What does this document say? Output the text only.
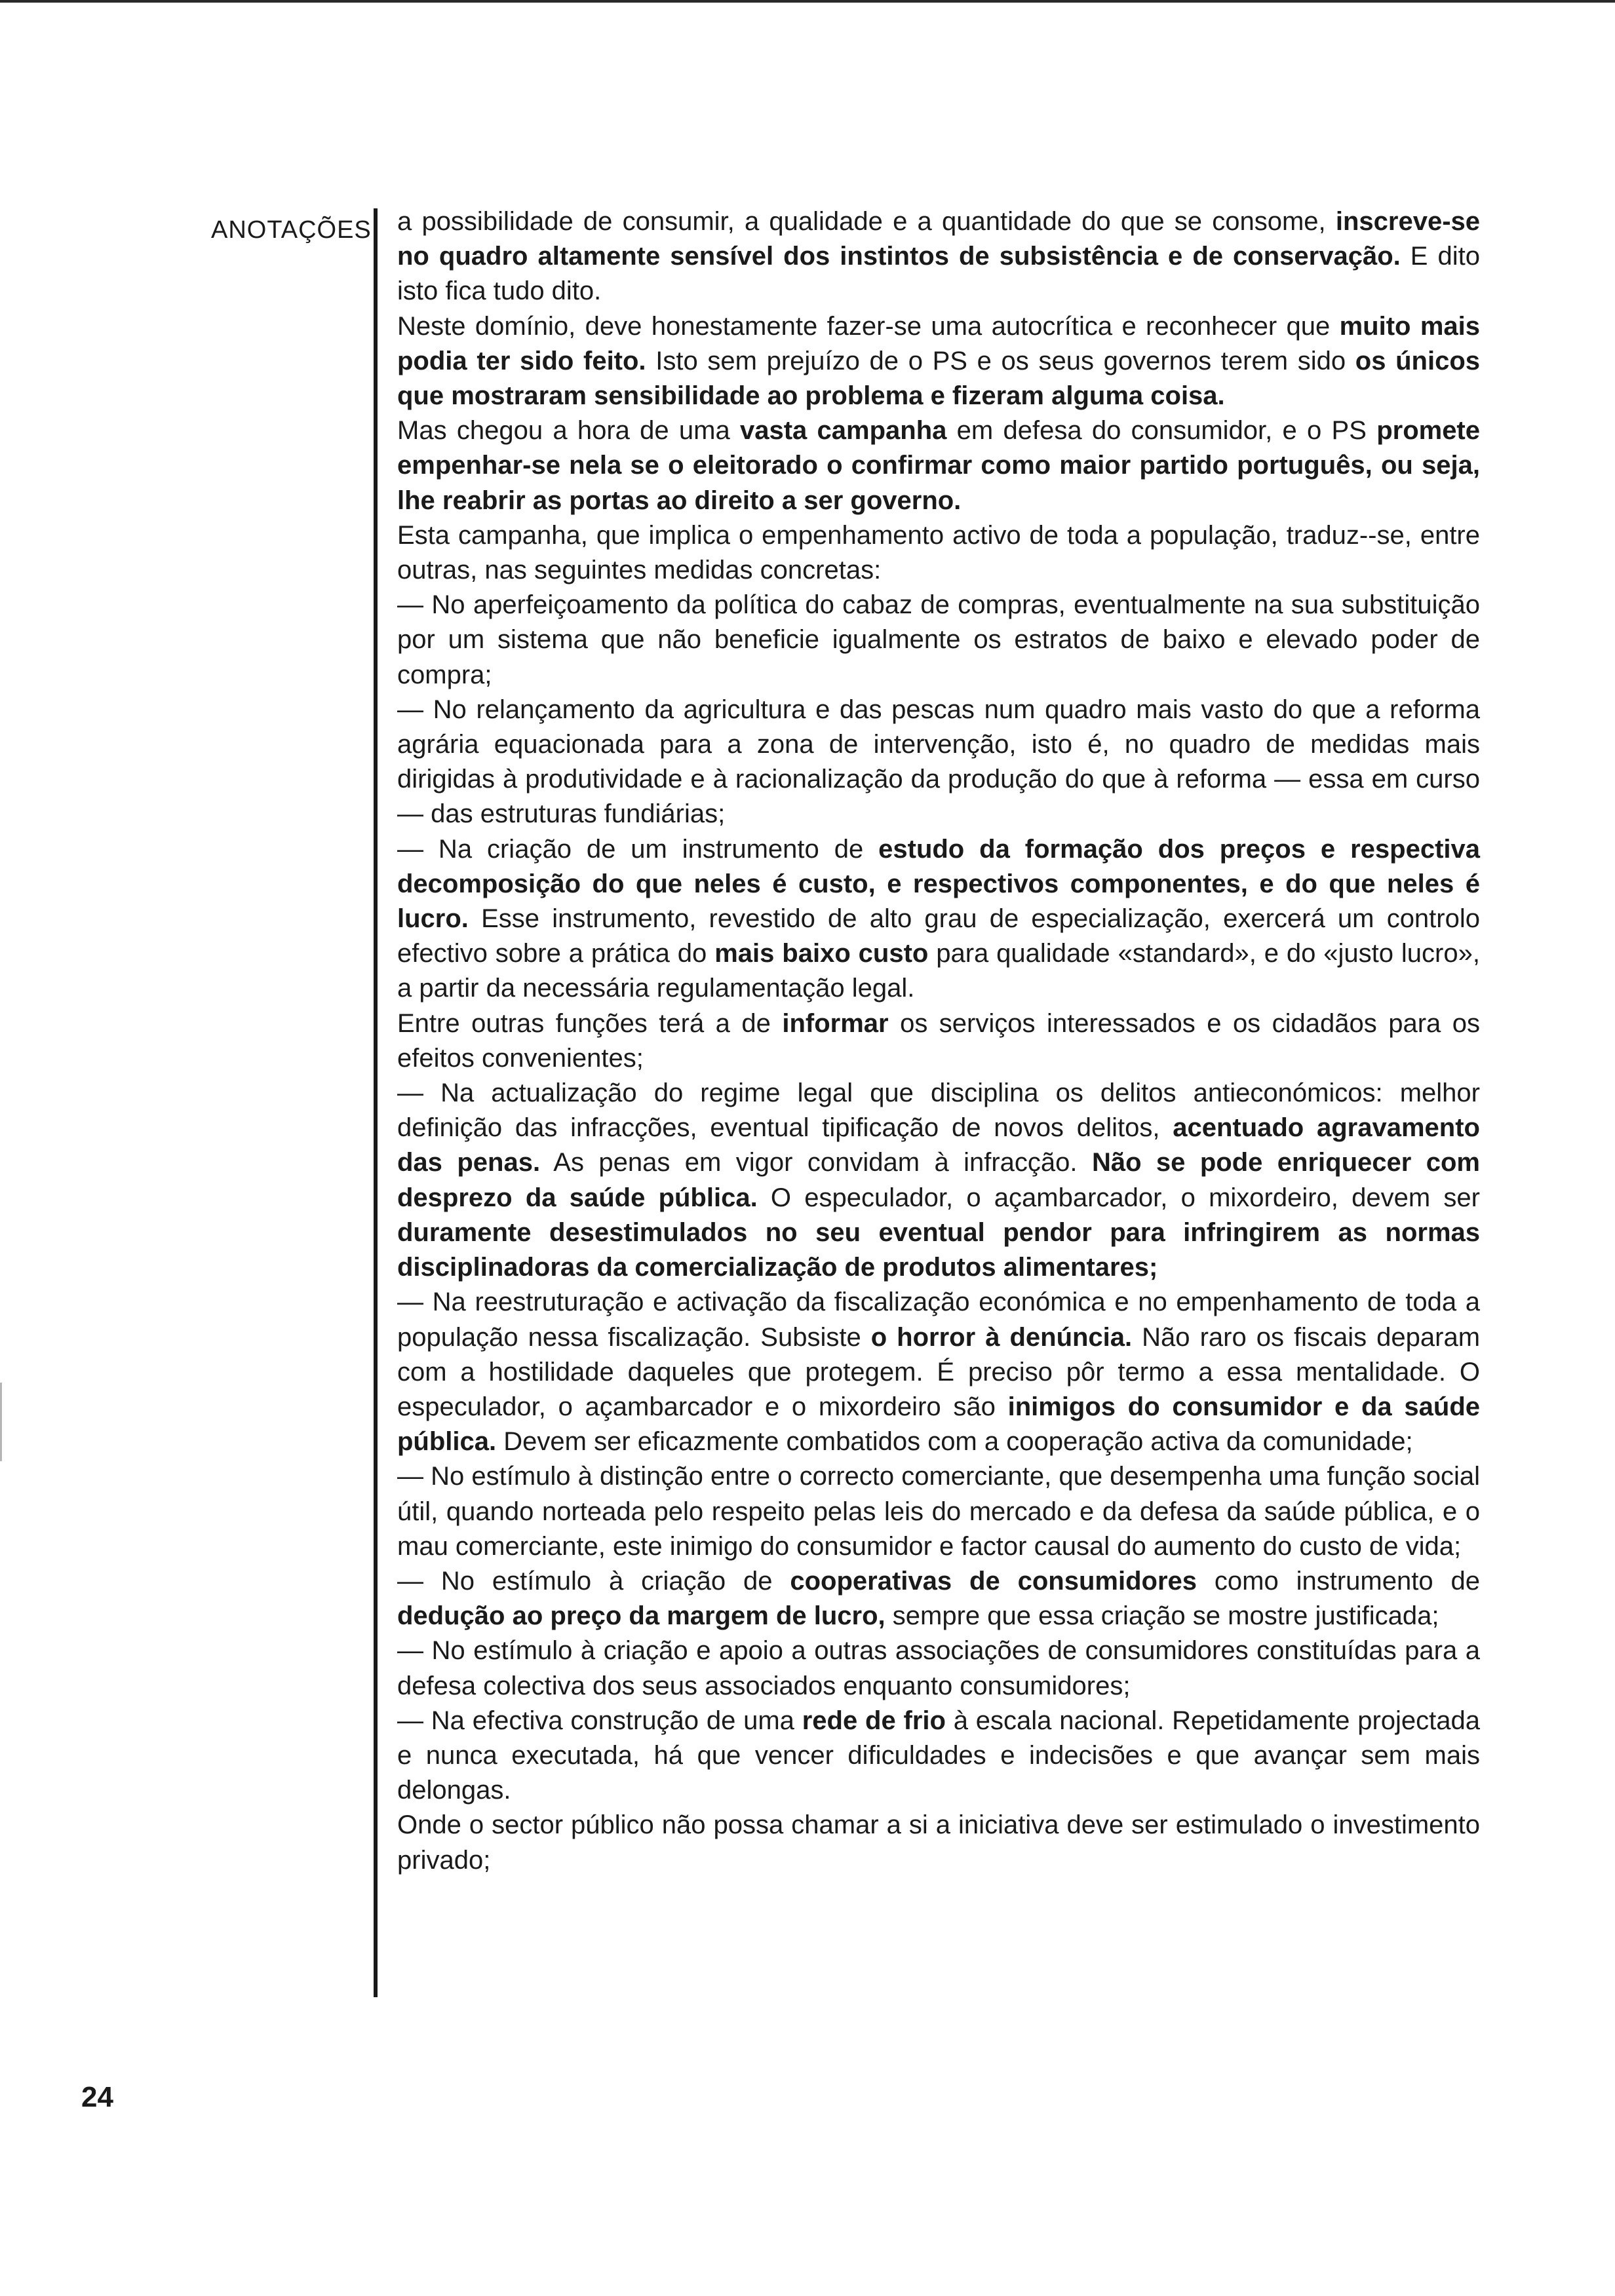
ANOTAÇÕES a possibilidade de consumir, a qualidade e a quantidade do que se consome, inscreve-se no quadro altamente sensível dos instintos de subsistência e de conservação. E dito isto fica tudo dito.

Neste domínio, deve honestamente fazer-se uma autocrítica e reconhecer que muito mais podia ter sido feito. Isto sem prejuízo de o PS e os seus governos terem sido os únicos que mostraram sensibilidade ao problema e fizeram alguma coisa.

Mas chegou a hora de uma vasta campanha em defesa do consumidor, e o PS promete empenhar-se nela se o eleitorado o confirmar como maior partido português, ou seja, lhe reabrir as portas ao direito a ser governo.

Esta campanha, que implica o empenhamento activo de toda a população, traduz--se, entre outras, nas seguintes medidas concretas:

— No aperfeiçoamento da política do cabaz de compras, eventualmente na sua substituição por um sistema que não beneficie igualmente os estratos de baixo e elevado poder de compra;

— No relançamento da agricultura e das pescas num quadro mais vasto do que a reforma agrária equacionada para a zona de intervenção, isto é, no quadro de medidas mais dirigidas à produtividade e à racionalização da produção do que à reforma — essa em curso — das estruturas fundiárias;

— Na criação de um instrumento de estudo da formação dos preços e respectiva decomposição do que neles é custo, e respectivos componentes, e do que neles é lucro. Esse instrumento, revestido de alto grau de especialização, exercerá um controlo efectivo sobre a prática do mais baixo custo para qualidade «standard», e do «justo lucro», a partir da necessária regulamentação legal.

Entre outras funções terá a de informar os serviços interessados e os cidadãos para os efeitos convenientes;

— Na actualização do regime legal que disciplina os delitos antieconómicos: melhor definição das infracções, eventual tipificação de novos delitos, acentuado agravamento das penas. As penas em vigor convidam à infracção. Não se pode enriquecer com desprezo da saúde pública. O especulador, o açambarcador, o mixordeiro, devem ser duramente desestimulados no seu eventual pendor para infringirem as normas disciplinadoras da comercialização de produtos alimentares;

— Na reestruturação e activação da fiscalização económica e no empenhamento de toda a população nessa fiscalização. Subsiste o horror à denúncia. Não raro os fiscais deparam com a hostilidade daqueles que protegem. É preciso pôr termo a essa mentalidade. O especulador, o açambarcador e o mixordeiro são inimigos do consumidor e da saúde pública. Devem ser eficazmente combatidos com a cooperação activa da comunidade;

— No estímulo à distinção entre o correcto comerciante, que desempenha uma função social útil, quando norteada pelo respeito pelas leis do mercado e da defesa da saúde pública, e o mau comerciante, este inimigo do consumidor e factor causal do aumento do custo de vida;

— No estímulo à criação de cooperativas de consumidores como instrumento de dedução ao preço da margem de lucro, sempre que essa criação se mostre justificada;

— No estímulo à criação e apoio a outras associações de consumidores constituídas para a defesa colectiva dos seus associados enquanto consumidores;

— Na efectiva construção de uma rede de frio à escala nacional. Repetidamente projectada e nunca executada, há que vencer dificuldades e indecisões e que avançar sem mais delongas.

Onde o sector público não possa chamar a si a iniciativa deve ser estimulado o investimento privado;

24
